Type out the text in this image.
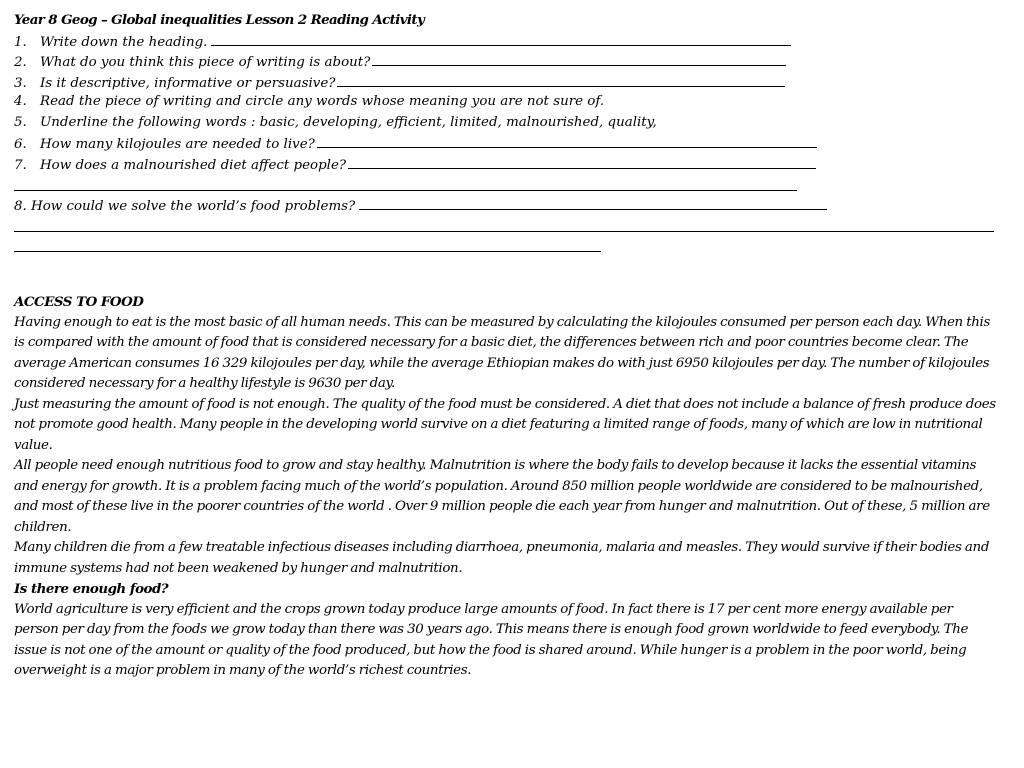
Year 8 Geog – Global inequalities Lesson 2 Reading Activity
1. Write down the heading.
2. What do you think this piece of writing is about?
3. Is it descriptive, informative or persuasive?
4. Read the piece of writing and circle any words whose meaning you are not sure of.
5. Underline the following words : basic, developing, efficient, limited, malnourished, quality,
6. How many kilojoules are needed to live?
7. How does a malnourished diet affect people?
8. How could we solve the world’s food problems?
ACCESS TO FOOD
Having enough to eat is the most basic of all human needs. This can be measured by calculating the kilojoules consumed per person each day. When this is compared with the amount of food that is considered necessary for a basic diet, the differences between rich and poor countries become clear. The average American consumes 16 329 kilojoules per day, while the average Ethiopian makes do with just 6950 kilojoules per day. The number of kilojoules considered necessary for a healthy lifestyle is 9630 per day.
Just measuring the amount of food is not enough. The quality of the food must be considered. A diet that does not include a balance of fresh produce does not promote good health. Many people in the developing world survive on a diet featuring a limited range of foods, many of which are low in nutritional value.
All people need enough nutritious food to grow and stay healthy. Malnutrition is where the body fails to develop because it lacks the essential vitamins and energy for growth. It is a problem facing much of the world’s population. Around 850 million people worldwide are considered to be malnourished, and most of these live in the poorer countries of the world . Over 9 million people die each year from hunger and malnutrition. Out of these, 5 million are children.
Many children die from a few treatable infectious diseases including diarrhoea, pneumonia, malaria and measles. They would survive if their bodies and immune systems had not been weakened by hunger and malnutrition.
Is there enough food?
World agriculture is very efficient and the crops grown today produce large amounts of food. In fact there is 17 per cent more energy available per person per day from the foods we grow today than there was 30 years ago. This means there is enough food grown worldwide to feed everybody. The issue is not one of the amount or quality of the food produced, but how the food is shared around. While hunger is a problem in the poor world, being overweight is a major problem in many of the world’s richest countries.
